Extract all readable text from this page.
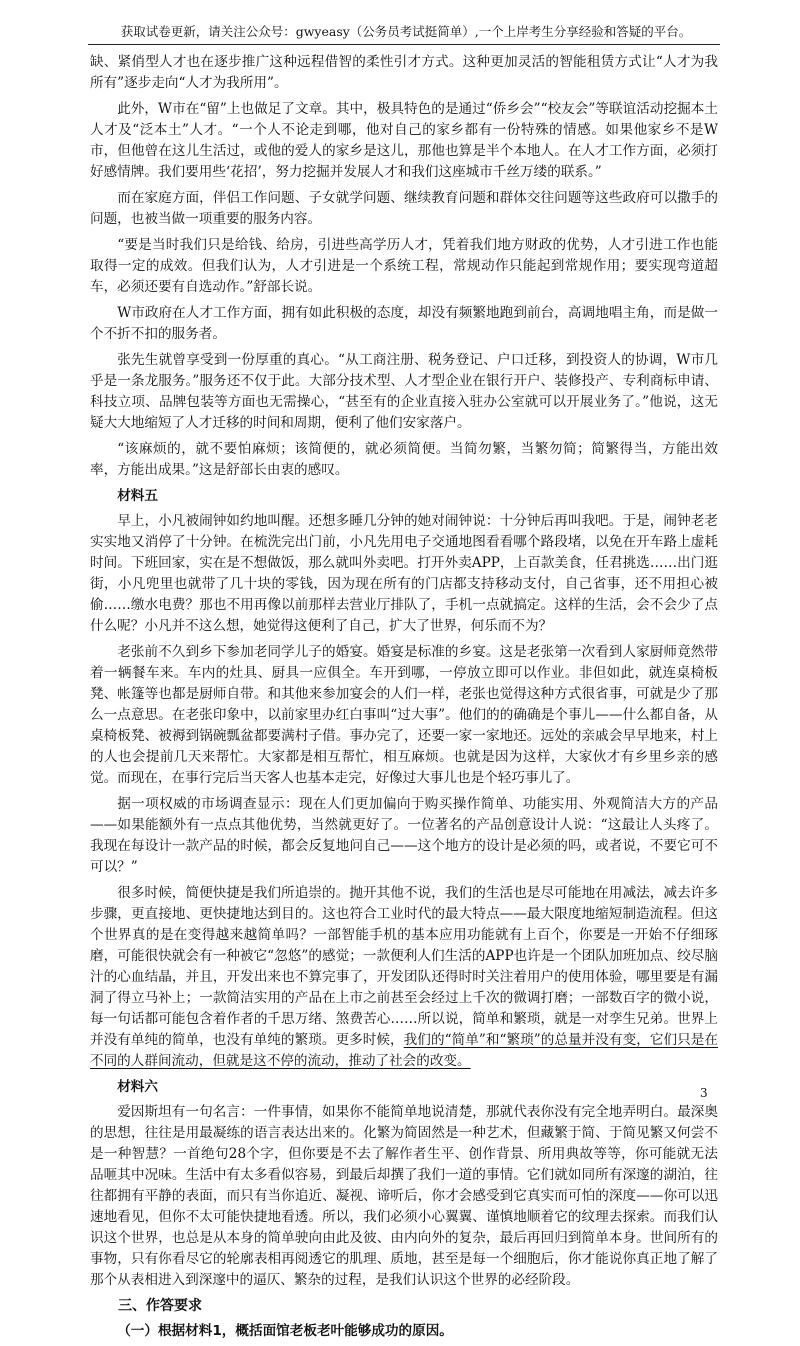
获取试卷更新，请关注公众号：gwyeasy（公务员考试挺简单）,一个上岸考生分享经验和答疑的平台。

缺、紧俏型人才也在逐步推广这种远程借智的柔性引才方式。这种更加灵活的智能租赁方式让“人才为我所有”逐步走向“人才为我所用”。

此外，W市在“留”上也做足了文章。其中，极具特色的是通过“侨乡会”“校友会”等联谊活动挖掘本土人才及“泛本土”人才。“一个人不论走到哪，他对自己的家乡都有一份特殊的情感。如果他家乡不是W市，但他曾在这儿生活过，或他的爱人的家乡是这儿，那他也算是半个本地人。在人才工作方面，必须打好感情牌。我们要用些‘花招’，努力挖掘并发展人才和我们这座城市千丝万缕的联系。”

而在家庭方面，伴侣工作问题、子女就学问题、继续教育问题和群体交往问题等这些政府可以撒手的问题，也被当做一项重要的服务内容。

“要是当时我们只是给钱、给房，引进些高学历人才，凭着我们地方财政的优势，人才引进工作也能取得一定的成效。但我们认为，人才引进是一个系统工程，常规动作只能起到常规作用；要实现弯道超车，必须还要有自选动作。”舒部长说。

W市政府在人才工作方面，拥有如此积极的态度，却没有频繁地跑到前台，高调地唱主角，而是做一个不折不扣的服务者。

张先生就曾享受到一份厚重的真心。“从工商注册、税务登记、户口迁移，到投资人的协调，W市几乎是一条龙服务。”服务还不仅于此。大部分技术型、人才型企业在银行开户、装修投产、专利商标申请、科技立项、品牌包装等方面也无需操心，“甚至有的企业直接入驻办公室就可以开展业务了。”他说，这无疑大大地缩短了人才迁移的时间和周期，便利了他们安家落户。

“该麻烦的，就不要怕麻烦；该简便的，就必须简便。当简勿繁，当繁勿简；简繁得当，方能出效率，方能出成果。”这是舒部长由衷的感叹。

材料五

早上，小凡被闹钟如约地叫醒。还想多睡几分钟的她对闹钟说：十分钟后再叫我吧。于是，闹钟老老实实地又消停了十分钟。在梳洗完出门前，小凡先用电子交通地图看看哪个路段堵，以免在开车路上虚耗时间。下班回家，实在是不想做饭，那么就叫外卖吧。打开外卖APP，上百款美食，任君挑选……出门逛街，小凡兜里也就带了几十块的零钱，因为现在所有的门店都支持移动支付，自己省事，还不用担心被偷……缴水电费？那也不用再像以前那样去营业厅排队了，手机一点就搞定。这样的生活，会不会少了点什么呢？小凡并不这么想，她觉得这便利了自己，扩大了世界，何乐而不为？

老张前不久到乡下参加老同学儿子的婚宴。婚宴是标准的乡宴。这是老张第一次看到人家厨师竟然带着一辆餐车来。车内的灶具、厨具一应俱全。车开到哪，一停放立即可以作业。非但如此，就连桌椅板凳、帐篷等也都是厨师自带。和其他来参加宴会的人们一样，老张也觉得这种方式很省事，可就是少了那么一点意思。在老张印象中，以前家里办红白事叫“过大事”。他们的的确确是个事儿——什么都自备，从桌椅板凳、被褥到锅碗瓢盆都要满村子借。事办完了，还要一家一家地还。远处的亲戚会早早地来，村上的人也会提前几天来帮忙。大家都是相互帮忙，相互麻烦。也就是因为这样，大家伙才有乡里乡亲的感觉。而现在，在事行完后当天客人也基本走完，好像过大事儿也是个轻巧事儿了。

据一项权威的市场调查显示：现在人们更加偏向于购买操作简单、功能实用、外观简洁大方的产品——如果能额外有一点点其他优势，当然就更好了。一位著名的产品创意设计人说：“这最让人头疼了。我现在每设计一款产品的时候，都会反复地问自己——这个地方的设计是必须的吗，或者说，不要它可不可以？”

很多时候，简便快捷是我们所追崇的。抛开其他不说，我们的生活也是尽可能地在用减法，减去许多步骤，更直接地、更快捷地达到目的。这也符合工业时代的最大特点——最大限度地缩短制造流程。但这个世界真的是在变得越来越简单吗？一部智能手机的基本应用功能就有上百个，你要是一开始不仔细琢磨，可能很快就会有一种被它“忽悠”的感觉；一款便利人们生活的APP也许是一个团队加班加点、绞尽脑汁的心血结晶，并且，开发出来也不算完事了，开发团队还得时时关注着用户的使用体验，哪里要是有漏洞了得立马补上；一款简洁实用的产品在上市之前甚至会经过上千次的微调打磨；一部数百字的微小说，每一句话都可能包含着作者的千思万绪、煞费苦心……所以说，简单和繁琐，就是一对孪生兄弟。世界上并没有单纯的简单，也没有单纯的繁琐。更多时候，我们的“简单”和“繁琐”的总量并没有变，它们只是在不同的人群间流动，但就是这不停的流动，推动了社会的改变。

材料六

爱因斯坦有一句名言：一件事情，如果你不能简单地说清楚，那就代表你没有完全地弄明白。最深奥的思想，往往是用最凝练的语言表达出来的。化繁为简固然是一种艺术，但藏繁于简、于简见繁又何尝不是一种智慧？一首绝句28个字，但你要是不去了解作者生平、创作背景、所用典故等等，你可能就无法品咂其中况味。生活中有太多看似容易，到最后却撰了我们一道的事情。它们就如同所有深邃的湖泊，往往都拥有平静的表面，而只有当你追近、凝视、谛听后，你才会感受到它真实而可怕的深度——你可以迅速地看见，但你不太可能快捷地看透。所以，我们必须小心翼翼、谨慎地顺着它的纹理去探索。而我们认识这个世界，也总是从本身的简单驶向由此及彼、由内向外的复杂，最后再回归到简单本身。世间所有的事物，只有你看尽它的轮廓表相再阅透它的肌理、质地，甚至是每一个细胞后，你才能说你真正地了解了那个从表相进入到深邃中的逼仄、繁杂的过程，是我们认识这个世界的必经阶段。

三、作答要求
（一）根据材料1，概括面馆老板老叶能够成功的原因。
3
